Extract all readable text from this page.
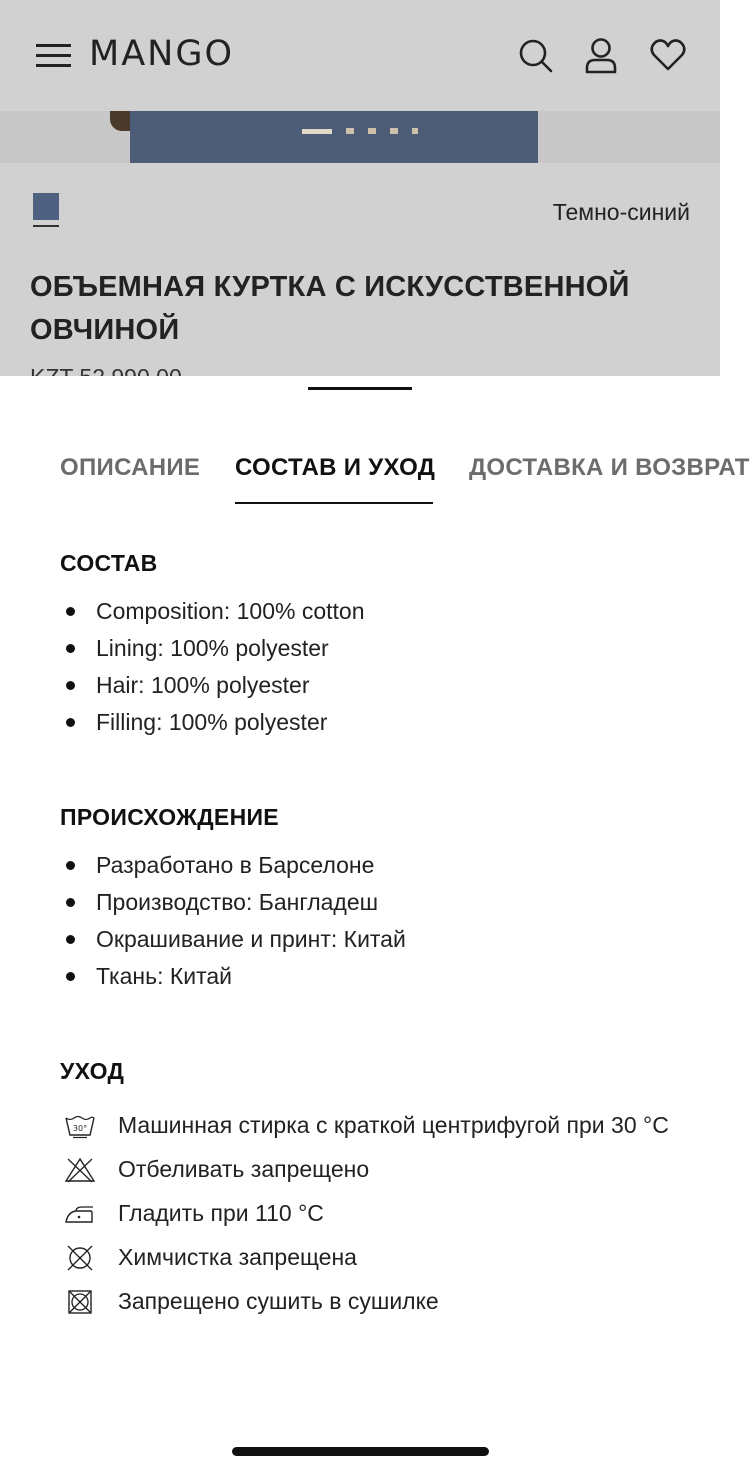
MANGO
Темно-синий
ОБЪЕМНАЯ КУРТКА С ИСКУССТВЕННОЙ ОВЧИНОЙ
ОПИСАНИЕ СОСТАВ И УХОД ДОСТАВКА И ВОЗВРАТ
СОСТАВ
Composition: 100% cotton
Lining: 100% polyester
Hair: 100% polyester
Filling: 100% polyester
ПРОИСХОЖДЕНИЕ
Разработано в Барселоне
Производство: Бангладеш
Окрашивание и принт: Китай
Ткань: Китай
УХОД
30° Машинная стирка с краткой центрифугой при 30 °C
Отбеливать запрещено
Гладить при 110 °C
Химчистка запрещена
Запрещено сушить в сушилке
